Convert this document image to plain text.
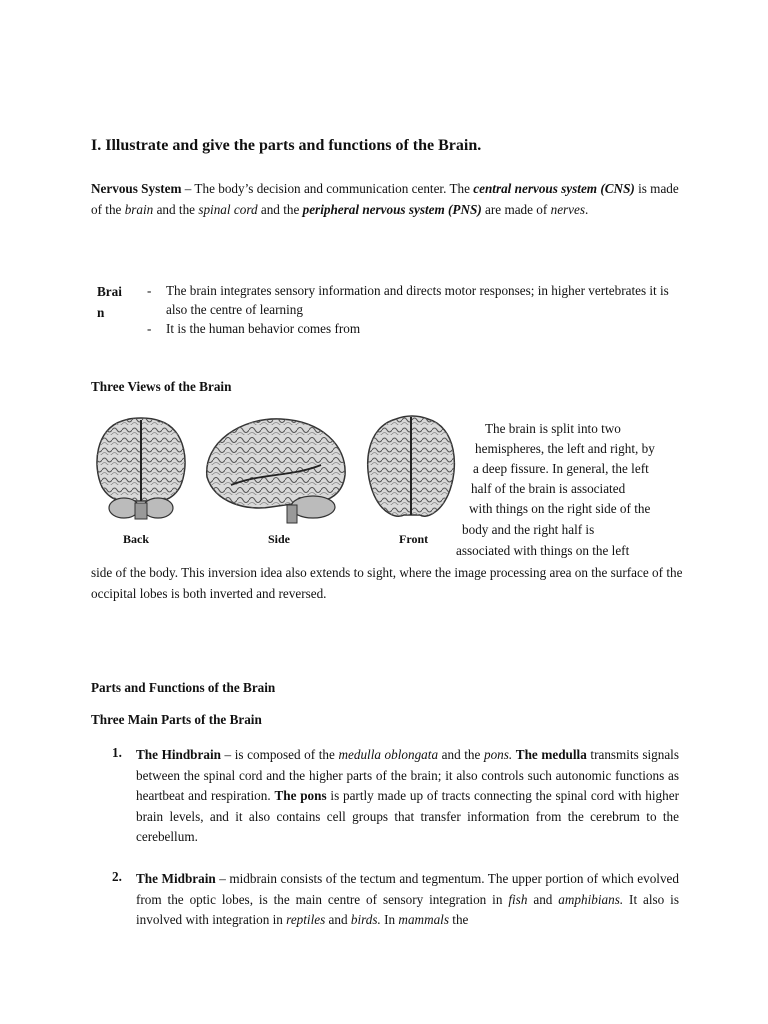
I. Illustrate and give the parts and functions of the Brain.
Nervous System – The body’s decision and communication center. The central nervous system (CNS) is made of the brain and the spinal cord and the peripheral nervous system (PNS) are made of nerves.
Brai
n
-	The brain integrates sensory information and directs motor responses; in higher vertebrates it is also the centre of learning
-	It is the human behavior comes from
Three Views of the Brain
Back	Side	Front
The brain is split into two
hemispheres, the left and right, by
a deep fissure. In general, the left
half of the brain is associated
with things on the right side of the
body and the right half is
associated with things on the left
side of the body. This inversion idea also extends to sight, where the image processing area on the surface of the occipital lobes is both inverted and reversed.
Parts and Functions of the Brain
Three Main Parts of the Brain
1. The Hindbrain – is composed of the medulla oblongata and the pons. The medulla transmits signals between the spinal cord and the higher parts of the brain; it also controls such autonomic functions as heartbeat and respiration. The pons is partly made up of tracts connecting the spinal cord with higher brain levels, and it also contains cell groups that transfer information from the cerebrum to the cerebellum.
2. The Midbrain – midbrain consists of the tectum and tegmentum. The upper portion of which evolved from the optic lobes, is the main centre of sensory integration in fish and amphibians. It also is involved with integration in reptiles and birds. In mammals the
